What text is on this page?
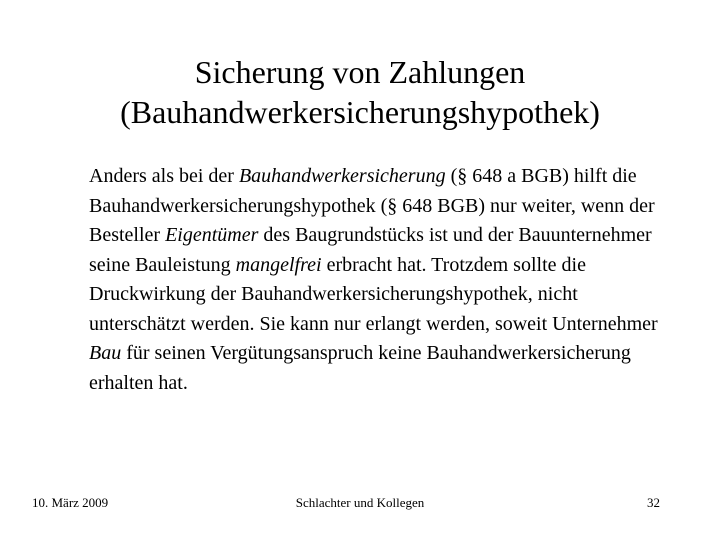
Sicherung von Zahlungen
(Bauhandwerkersicherungshypothek)
Anders als bei der Bauhandwerkersicherung (§ 648 a BGB) hilft die Bauhandwerkersicherungshypothek (§ 648 BGB) nur weiter, wenn der Besteller Eigentümer des Baugrundstücks ist und der Bauunternehmer seine Bauleistung mangelfrei erbracht hat. Trotzdem sollte die Druckwirkung der Bauhandwerkersicherungshypothek, nicht unterschätzt werden. Sie kann nur erlangt werden, soweit Unternehmer Bau für seinen Vergütungsanspruch keine Bauhandwerkersicherung erhalten hat.
10. März 2009	Schlachter und Kollegen	32
